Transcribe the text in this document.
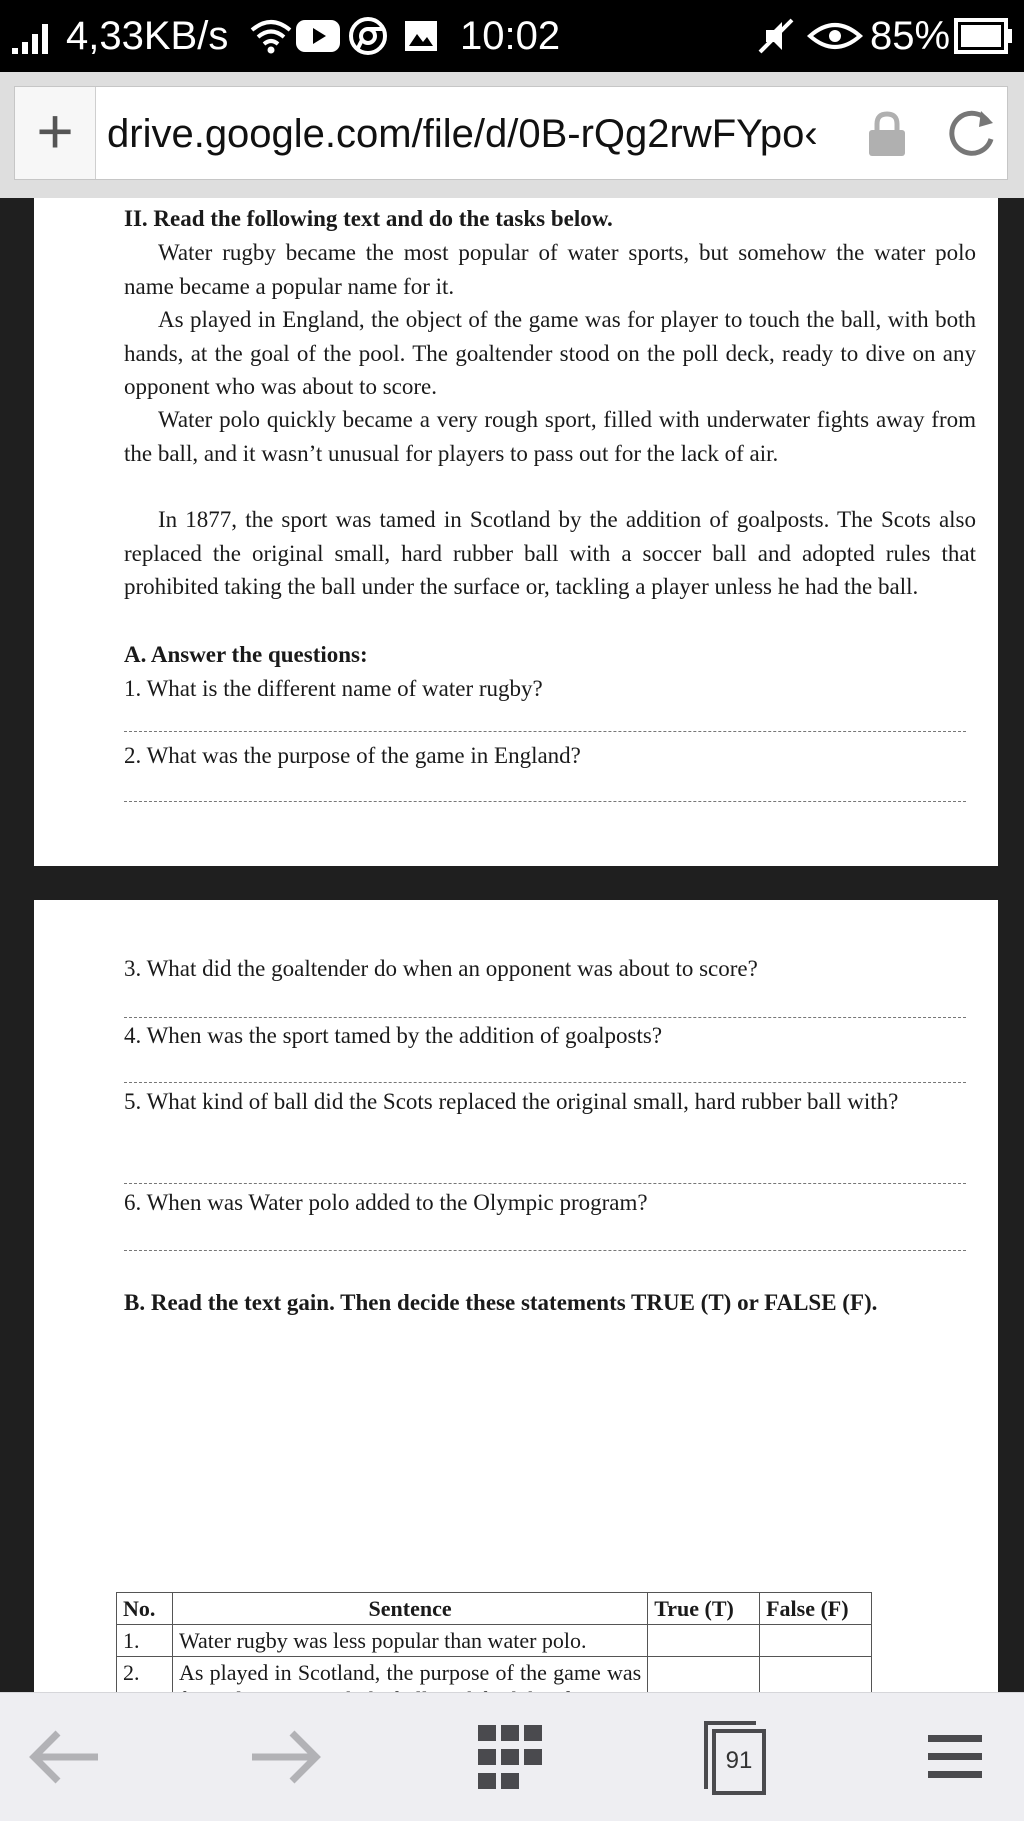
4,33KB/s	10:02	85%
+ drive.google.com/file/d/0B-rQg2rwFYpo‹
II. Read the following text and do the tasks below.
Water rugby became the most popular of water sports, but somehow the water polo name became a popular name for it.
As played in England, the object of the game was for player to touch the ball, with both hands, at the goal of the pool. The goaltender stood on the poll deck, ready to dive on any opponent who was about to score.
Water polo quickly became a very rough sport, filled with underwater fights away from the ball, and it wasn’t unusual for players to pass out for the lack of air.
In 1877, the sport was tamed in Scotland by the addition of goalposts. The Scots also replaced the original small, hard rubber ball with a soccer ball and adopted rules that prohibited taking the ball under the surface or, tackling a player unless he had the ball.
A. Answer the questions:
1. What is the different name of water rugby?
2. What was the purpose of the game in England?
3. What did the goaltender do when an opponent was about to score?
4. When was the sport tamed by the addition of goalposts?
5. What kind of ball did the Scots replaced the original small, hard rubber ball with?
6. When was Water polo added to the Olympic program?
B. Read the text gain. Then decide these statements TRUE (T) or FALSE (F).
No.	Sentence	True (T)	False (F)
1.	Water rugby was less popular than water polo.		
2.	As played in Scotland, the purpose of the game was		

91
